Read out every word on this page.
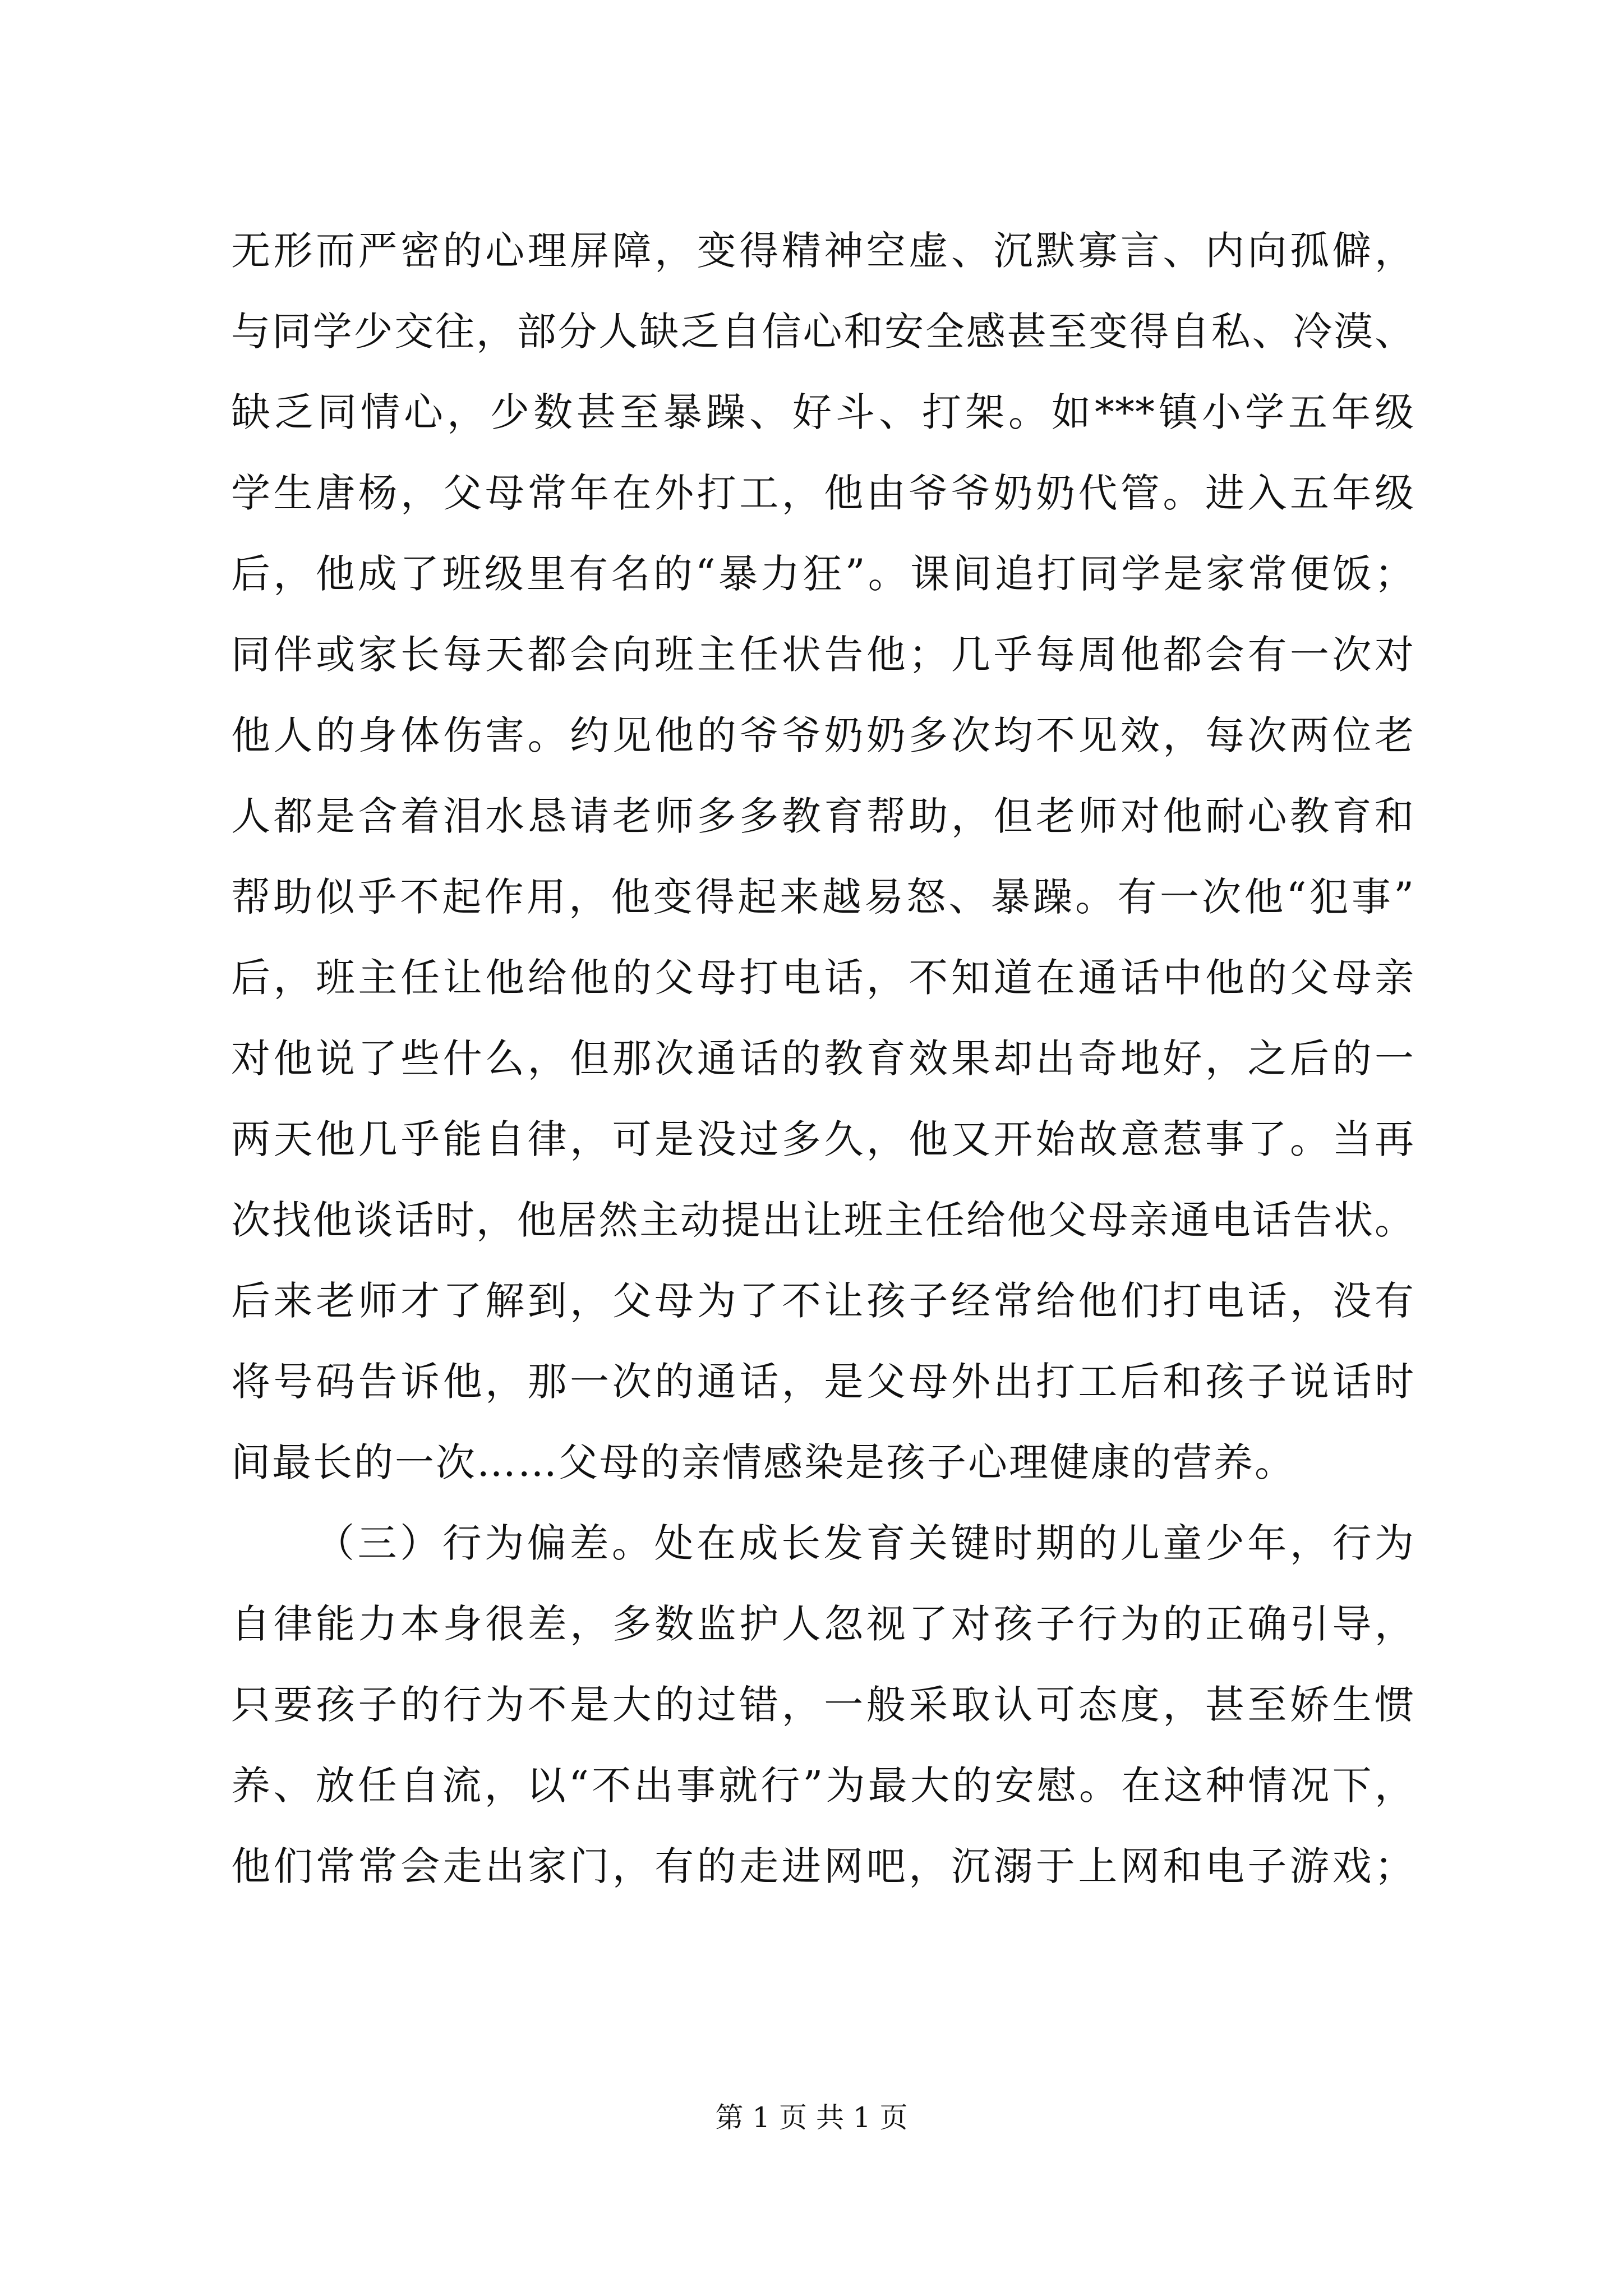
无形而严密的心理屏障，变得精神空虚、沉默寡言、内向孤僻，
与同学少交往，部分人缺乏自信心和安全感甚至变得自私、冷漠、
缺乏同情心，少数甚至暴躁、好斗、打架。如***镇小学五年级
学生唐杨，父母常年在外打工，他由爷爷奶奶代管。进入五年级
后，他成了班级里有名的“暴力狂”。课间追打同学是家常便饭；
同伴或家长每天都会向班主任状告他；几乎每周他都会有一次对
他人的身体伤害。约见他的爷爷奶奶多次均不见效，每次两位老
人都是含着泪水恳请老师多多教育帮助，但老师对他耐心教育和
帮助似乎不起作用，他变得起来越易怒、暴躁。有一次他“犯事”
后，班主任让他给他的父母打电话，不知道在通话中他的父母亲
对他说了些什么，但那次通话的教育效果却出奇地好，之后的一
两天他几乎能自律，可是没过多久，他又开始故意惹事了。当再
次找他谈话时，他居然主动提出让班主任给他父母亲通电话告状。
后来老师才了解到，父母为了不让孩子经常给他们打电话，没有
将号码告诉他，那一次的通话，是父母外出打工后和孩子说话时
间最长的一次……父母的亲情感染是孩子心理健康的营养。
（三）行为偏差。处在成长发育关键时期的儿童少年，行为
自律能力本身很差，多数监护人忽视了对孩子行为的正确引导，
只要孩子的行为不是大的过错，一般采取认可态度，甚至娇生惯
养、放任自流，以“不出事就行”为最大的安慰。在这种情况下，
他们常常会走出家门，有的走进网吧，沉溺于上网和电子游戏；
第 1 页 共 1 页
